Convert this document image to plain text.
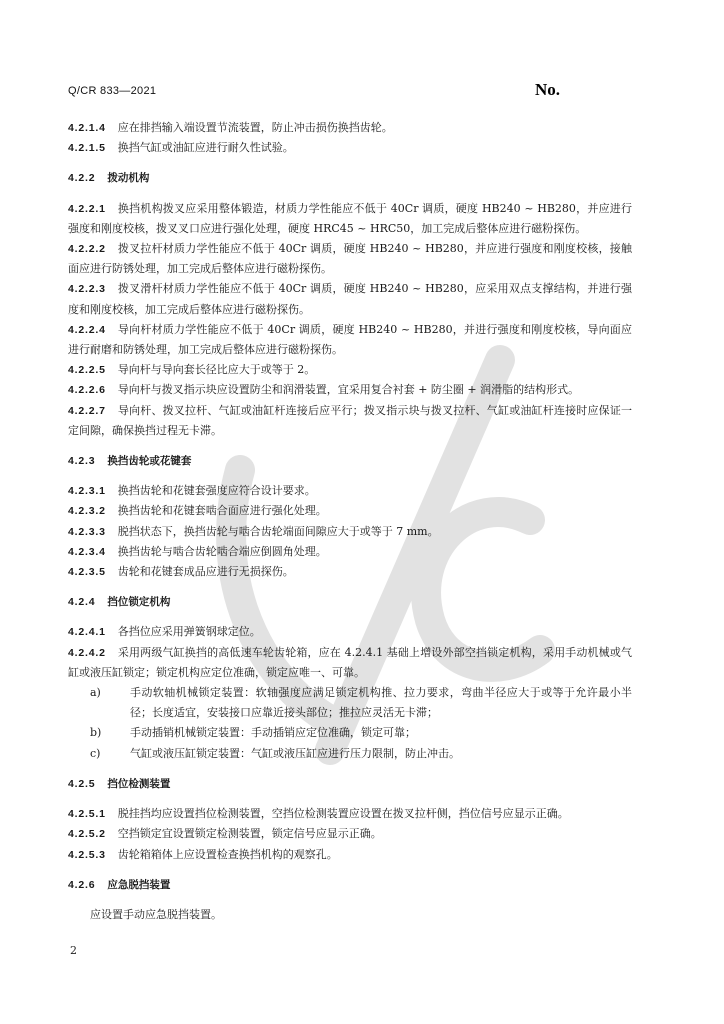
Q/CR 833—2021	No.

4.2.1.4 应在排挡输入端设置节流装置，防止冲击损伤换挡齿轮。

4.2.1.5 换挡气缸或油缸应进行耐久性试验。

4.2.2 拨动机构

4.2.2.1 换挡机构拨叉应采用整体锻造，材质力学性能应不低于 40Cr 调质，硬度 HB240 ~ HB280，并应进行强度和刚度校核，拨叉叉口应进行强化处理，硬度 HRC45 ~ HRC50，加工完成后整体应进行磁粉探伤。

4.2.2.2 拨叉拉杆材质力学性能应不低于 40Cr 调质，硬度 HB240 ~ HB280，并应进行强度和刚度校核，接触面应进行防锈处理，加工完成后整体应进行磁粉探伤。

4.2.2.3 拨叉滑杆材质力学性能应不低于 40Cr 调质，硬度 HB240 ~ HB280，应采用双点支撑结构，并进行强度和刚度校核，加工完成后整体应进行磁粉探伤。

4.2.2.4 导向杆材质力学性能应不低于 40Cr 调质，硬度 HB240 ~ HB280，并进行强度和刚度校核，导向面应进行耐磨和防锈处理，加工完成后整体应进行磁粉探伤。

4.2.2.5 导向杆与导向套长径比应大于或等于 2。

4.2.2.6 导向杆与拨叉指示块应设置防尘和润滑装置，宜采用复合衬套 + 防尘圈 + 润滑脂的结构形式。

4.2.2.7 导向杆、拨叉拉杆、气缸或油缸杆连接后应平行；拨叉指示块与拨叉拉杆、气缸或油缸杆连接时应保证一定间隙，确保换挡过程无卡滞。

4.2.3 换挡齿轮或花键套

4.2.3.1 换挡齿轮和花键套强度应符合设计要求。

4.2.3.2 换挡齿轮和花键套啮合面应进行强化处理。

4.2.3.3 脱挡状态下，换挡齿轮与啮合齿轮端面间隙应大于或等于 7 mm。

4.2.3.4 换挡齿轮与啮合齿轮啮合端应倒圆角处理。

4.2.3.5 齿轮和花键套成品应进行无损探伤。

4.2.4 挡位锁定机构

4.2.4.1 各挡位应采用弹簧钢球定位。

4.2.4.2 采用两级气缸换挡的高低速车轮齿轮箱，应在 4.2.4.1 基础上增设外部空挡锁定机构，采用手动机械或气缸或液压缸锁定；锁定机构应定位准确，锁定应唯一、可靠。

a)	手动软轴机械锁定装置：软轴强度应满足锁定机构推、拉力要求，弯曲半径应大于或等于允许最小半径；长度适宜，安装接口应靠近接头部位；推拉应灵活无卡滞；
b)	手动插销机械锁定装置：手动插销应定位准确，锁定可靠；
c)	气缸或液压缸锁定装置：气缸或液压缸应进行压力限制，防止冲击。

4.2.5 挡位检测装置

4.2.5.1 脱挂挡均应设置挡位检测装置，空挡位检测装置应设置在拨叉拉杆侧，挡位信号应显示正确。

4.2.5.2 空挡锁定宜设置锁定检测装置，锁定信号应显示正确。

4.2.5.3 齿轮箱箱体上应设置检查换挡机构的观察孔。

4.2.6 应急脱挡装置

应设置手动应急脱挡装置。

2
